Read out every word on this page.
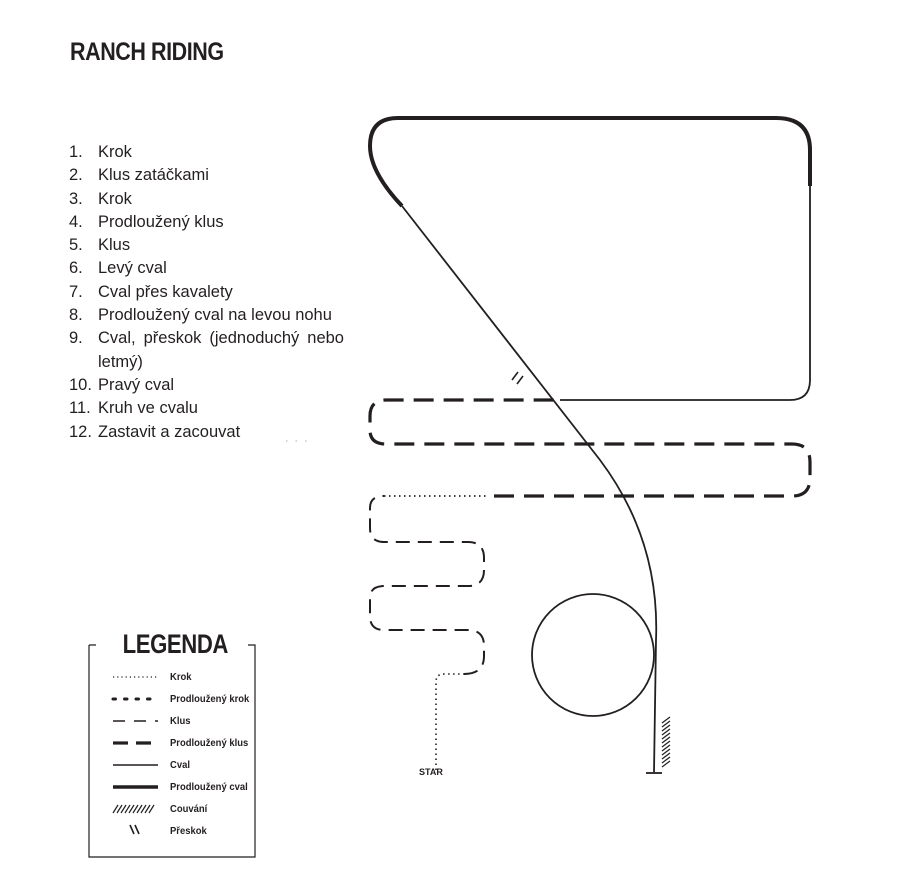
RANCH RIDING
1. Krok
2. Klus zatáčkami
3. Krok
4. Prodloužený klus
5. Klus
6. Levý cval
7. Cval přes kavalety
8. Prodloužený cval na levou nohu
9. Cval, přeskok (jednoduchý nebo letmý)
10. Pravý cval
11. Kruh ve cvalu
12. Zastavit a zacouvat
STAR
LEGENDA
Krok
Prodloužený krok
Klus
Prodloužený klus
Cval
Prodloužený cval
Couvání
Přeskok
